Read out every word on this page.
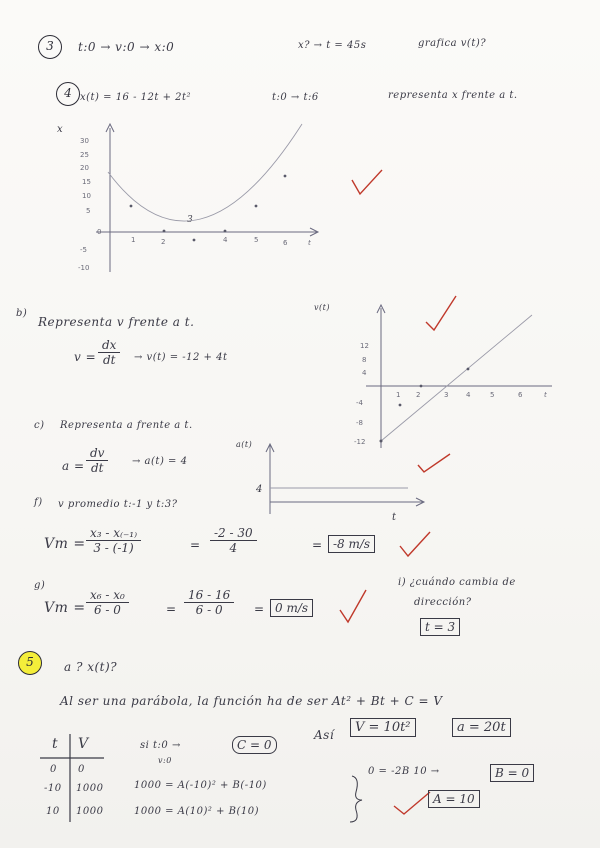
3	t:0 → v:0 → x:0	x? → t = 45s	grafica v(t)?
4 x(t) = 16 - 12t + 2t²	t:0 → t:6	representa x frente a t.
x
30
25
20
15
10
5
0
-5
-10
1	2	4	5	6	t
3
b)
Representa v frente a t.
$v = \frac{dx}{dt} \to v(t) = -12 + 4t$
v(t)
12
8
4
-4
-8
-12
1 2	3	4	5	6	t
c) Representa a frente a t.
$a = \frac{dv}{dt} \to a(t) = 4$
a(t)
4
t
f) v promedio t:-1 y t:3?
$Vm = \frac{\text{x₃ - x₍₋₁₎}}{3 - (-1)}$	= $\frac{-2 - 30}{4}$	= -8 m/s
g)
$Vm = \frac{\text{x₆ - x₀}}{6 - 0}$	= $\frac{16 - 16}{6 - 0} = 0$ m/s
i) ¿cuándo cambia de
dirección?
t = 3
5	a ? x(t)?
Al ser una parábola, la función ha de ser At² + Bt + C = V
Así	V = 10t²	a = 20t
t V
0 0
-10 1000
10 1000
si t:0 →
v:0
C = 0
1000 = A(-10)² + B(-10)
1000 = A(10)² + B(10)
0 = -2B 10 →	B = 0
A = 10
